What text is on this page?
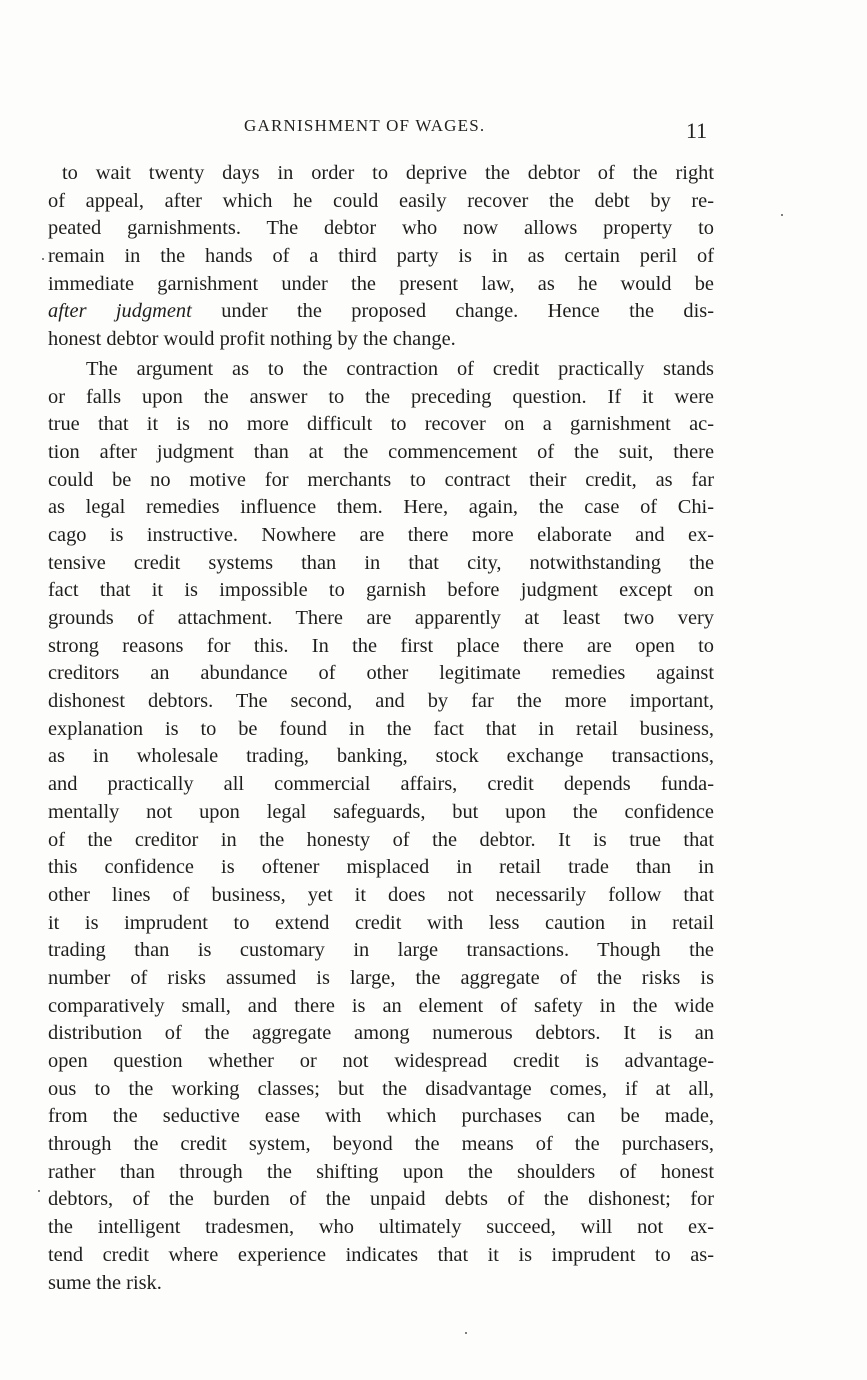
GARNISHMENT OF WAGES.	11
to wait twenty days in order to deprive the debtor of the right
of appeal, after which he could easily recover the debt by re-
peated garnishments. The debtor who now allows property to
remain in the hands of a third party is in as certain peril of
immediate garnishment under the present law, as he would be
after judgment under the proposed change. Hence the dis-
honest debtor would profit nothing by the change.
The argument as to the contraction of credit practically stands
or falls upon the answer to the preceding question. If it were
true that it is no more difficult to recover on a garnishment ac-
tion after judgment than at the commencement of the suit, there
could be no motive for merchants to contract their credit, as far
as legal remedies influence them. Here, again, the case of Chi-
cago is instructive. Nowhere are there more elaborate and ex-
tensive credit systems than in that city, notwithstanding the
fact that it is impossible to garnish before judgment except on
grounds of attachment. There are apparently at least two very
strong reasons for this. In the first place there are open to
creditors an abundance of other legitimate remedies against
dishonest debtors. The second, and by far the more important,
explanation is to be found in the fact that in retail business,
as in wholesale trading, banking, stock exchange transactions,
and practically all commercial affairs, credit depends funda-
mentally not upon legal safeguards, but upon the confidence
of the creditor in the honesty of the debtor. It is true that
this confidence is oftener misplaced in retail trade than in
other lines of business, yet it does not necessarily follow that
it is imprudent to extend credit with less caution in retail
trading than is customary in large transactions. Though the
number of risks assumed is large, the aggregate of the risks is
comparatively small, and there is an element of safety in the wide
distribution of the aggregate among numerous debtors. It is an
open question whether or not widespread credit is advantage-
ous to the working classes; but the disadvantage comes, if at all,
from the seductive ease with which purchases can be made,
through the credit system, beyond the means of the purchasers,
rather than through the shifting upon the shoulders of honest
debtors, of the burden of the unpaid debts of the dishonest; for
the intelligent tradesmen, who ultimately succeed, will not ex-
tend credit where experience indicates that it is imprudent to as-
sume the risk.
